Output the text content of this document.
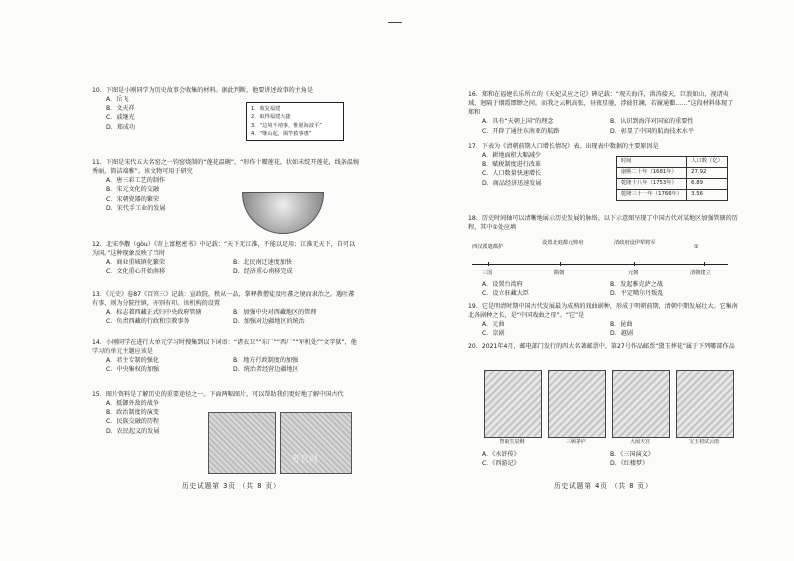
10．下图是小刚同学为历史故事会收集的材料。据此判断，他要讲述故事的主角是
A．岳飞
B．文天祥
C．戚继光
D．郑成功
1．收复福建
2．取得福建大捷
3．“边境不靖事，惟愿海波平”
4．“继山起，揭竿救事惠”
11．下图是宋代五大名窑之一钧窑烧制的“莲花温碗”，“形作十瓣莲花，状如未绽开莲花，线条温婉秀丽，简洁端雅”。该文物可用于研究
A．唐三彩工艺的制作
B．宋元文化的交融
C．宋朝瓷器的繁荣
D．宋代手工业的发展
12．北宋李觏（gòu）《寄上富枢密书》中记载：“天下无江淮，不能以足用；江淮无天下，自可以为国。”这种现象反映了当时
A．商业重城镇化繁荣	B．北民南迁速度加快
C．文化重心开始南移	D．经济重心南移完成
13．《元史》卷87《百官三》记载：宣政院，秩从一品，掌释教僧徒及吐蕃之境而隶治之。遇吐蕃有事，则为分院往镇，亦别有印。该机构的设置
A．标志着西藏正式归中央政府管辖	B．加强中央对西藏地区的管理
C．负责西藏的行政和宗教事务	D．加强对边疆地区的统治
14．小刚同学在进行大单元学习时搜集到以下词语：“诸衣卫”“东厂”“西厂”“军机处”“文字狱”，他学习的单元主题应该是
A．君主专制的强化	B．地方行政制度的加强
C．中央集权的加强	D．统治者经营边疆地区
15．图片资料是了解历史的重要途径之一。下面两幅图片，可以帮助我们更好地了解中国古代
A．抵御外敌的战争
B．政治制度的演变
C．民族交融的历程
D．农民起义的发展
考官网
历史试题第 3页 （共 8 页）
16．郑和在福建长乐所立的《天妃灵应之记》碑记载：“观夫海洋，洪涛接天，巨浪如山，视诸夷域，迥隔于烟霞缥缈之间。而我之云帆高张，昼夜星驰，涉彼狂澜，若履通衢……”这段材料体现了郑和
A．具有“天朝上国”的理念	B．认识到海洋对国家的重要性
C．开辟了通往东南亚的航路	D．彰显了中国的航海技术水平
17．下表为《清朝前期人口增长情况》表。出现表中数据的主要原因是
A．耕地面积大幅减少
B．赋税制度进行改革
C．人口数量快速增长
D．商品经济迅速发展
时间	人口数（亿）
康熙二十年（1681年）	27.92
乾隆十八年（1753年）	6.89
乾隆三十一年（1766年）	3.56
18．历史时间轴可以清晰地展示历史发展的脉络。以下示意图呈现了中国古代对某地区加强管辖的历程，其中①处应填
西汉派遣都护
设置北庭都元帅府	清政府设伊犁将军
①
三国	隋朝	元朝	清朝建立
A．设置台湾府	B．发起雅克萨之战
C．设立驻藏大臣	D．平定噶尔丹叛乱
19．它是明清时期中国古代发展最为成熟的戏曲剧种，形成于明朝前期，清朝中期发展壮大。它集南北各剧种之长，是“中国戏曲之母”。“它”是
A．元曲	B．昆曲
C．京剧	D．越剧
20．2021年4月，邮电部门发行的四大名著邮票中，第27号作品邮票“黛玉葬花”属于下列哪部作品
智取生辰纲	三顾茅庐	大闹天宫	宝玉初试云雨
A．《水浒传》	B．《三国演义》
C．《西游记》	D．《红楼梦》
历史试题第 4页 （共 8 页）
